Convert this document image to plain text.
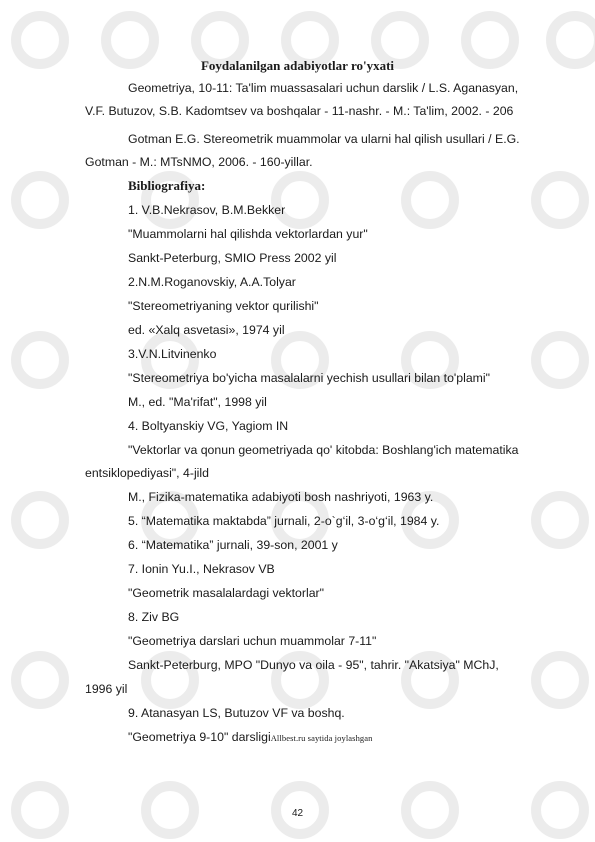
Foydalanilgan adabiyotlar ro'yxati
Geometriya, 10-11: Ta'lim muassasalari uchun darslik / L.S. Aganasyan,
V.F. Butuzov, S.B. Kadomtsev va boshqalar - 11-nashr. - M.: Ta'lim, 2002. - 206
Gotman E.G. Stereometrik muammolar va ularni hal qilish usullari / E.G.
Gotman - M.: MTsNMO, 2006. - 160-yillar.
Bibliografiya:
1. V.B.Nekrasov, B.M.Bekker
"Muammolarni hal qilishda vektorlardan yur"
Sankt-Peterburg, SMIO Press 2002 yil
2.N.M.Roganovskiy, A.A.Tolyar
"Stereometriyaning vektor qurilishi"
ed. «Xalq asvetasi», 1974 yil
3.V.N.Litvinenko
"Stereometriya bo'yicha masalalarni yechish usullari bilan to'plami"
M., ed. "Ma'rifat", 1998 yil
4. Boltyanskiy VG, Yagiom IN
"Vektorlar va qonun geometriyada qo' kitobda: Boshlang'ich matematika
entsiklopediyasi", 4-jild
M., Fizika-matematika adabiyoti bosh nashriyoti, 1963 y.
5. “Matematika maktabda” jurnali, 2-o`g‘il, 3-o‘g‘il, 1984 y.
6. “Matematika” jurnali, 39-son, 2001 y
7. Ionin Yu.I., Nekrasov VB
"Geometrik masalalardagi vektorlar"
8. Ziv BG
"Geometriya darslari uchun muammolar 7-11"
Sankt-Peterburg, MPO "Dunyo va oila - 95", tahrir. "Akatsiya" MChJ,
1996 yil
9. Atanasyan LS, Butuzov VF va boshq.
"Geometriya 9-10" darsligiAllbest.ru saytida joylashgan
42
